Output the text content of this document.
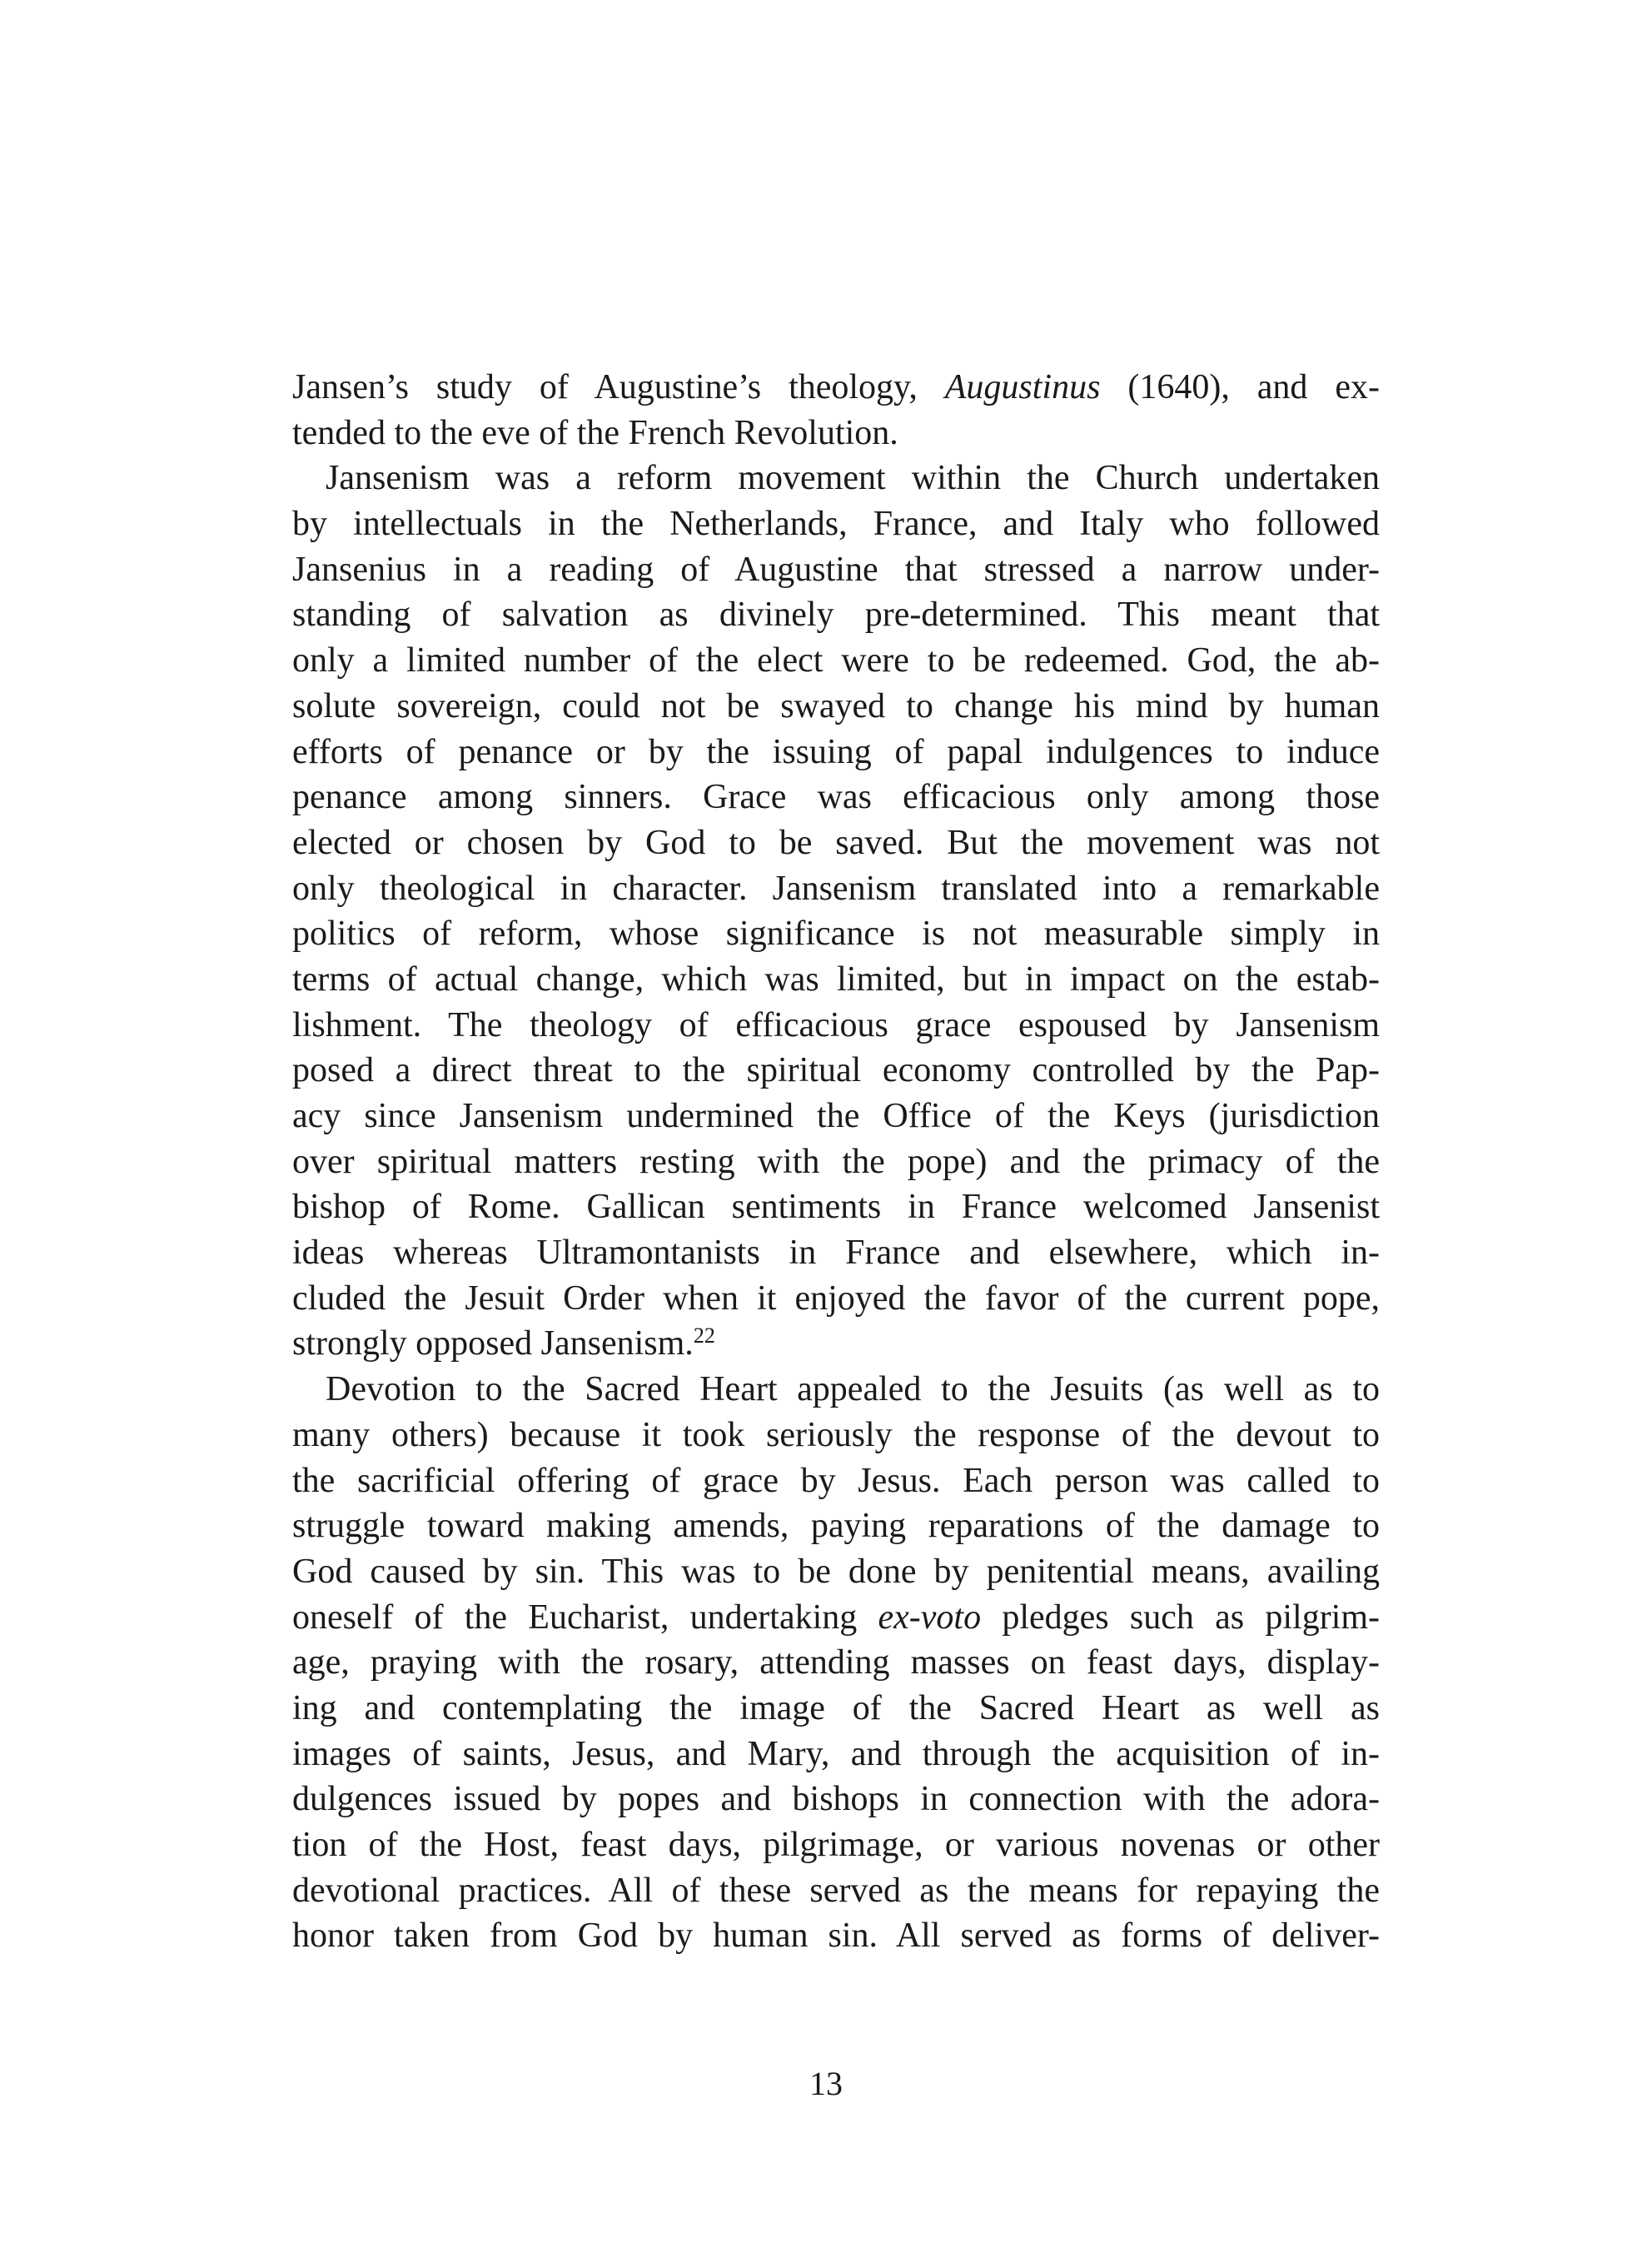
Jansen’s study of Augustine’s theology, Augustinus (1640), and ex-
tended to the eve of the French Revolution.
Jansenism was a reform movement within the Church undertaken
by intellectuals in the Netherlands, France, and Italy who followed
Jansenius in a reading of Augustine that stressed a narrow under-
standing of salvation as divinely pre-determined. This meant that
only a limited number of the elect were to be redeemed. God, the ab-
solute sovereign, could not be swayed to change his mind by human
efforts of penance or by the issuing of papal indulgences to induce
penance among sinners. Grace was efficacious only among those
elected or chosen by God to be saved. But the movement was not
only theological in character. Jansenism translated into a remarkable
politics of reform, whose significance is not measurable simply in
terms of actual change, which was limited, but in impact on the estab-
lishment. The theology of efficacious grace espoused by Jansenism
posed a direct threat to the spiritual economy controlled by the Pap-
acy since Jansenism undermined the Office of the Keys (jurisdiction
over spiritual matters resting with the pope) and the primacy of the
bishop of Rome. Gallican sentiments in France welcomed Jansenist
ideas whereas Ultramontanists in France and elsewhere, which in-
cluded the Jesuit Order when it enjoyed the favor of the current pope,
strongly opposed Jansenism.$^{22}$
Devotion to the Sacred Heart appealed to the Jesuits (as well as to
many others) because it took seriously the response of the devout to
the sacrificial offering of grace by Jesus. Each person was called to
struggle toward making amends, paying reparations of the damage to
God caused by sin. This was to be done by penitential means, availing
oneself of the Eucharist, undertaking ex-voto pledges such as pilgrim-
age, praying with the rosary, attending masses on feast days, display-
ing and contemplating the image of the Sacred Heart as well as
images of saints, Jesus, and Mary, and through the acquisition of in-
dulgences issued by popes and bishops in connection with the adora-
tion of the Host, feast days, pilgrimage, or various novenas or other
devotional practices. All of these served as the means for repaying the
honor taken from God by human sin. All served as forms of deliver-
13
